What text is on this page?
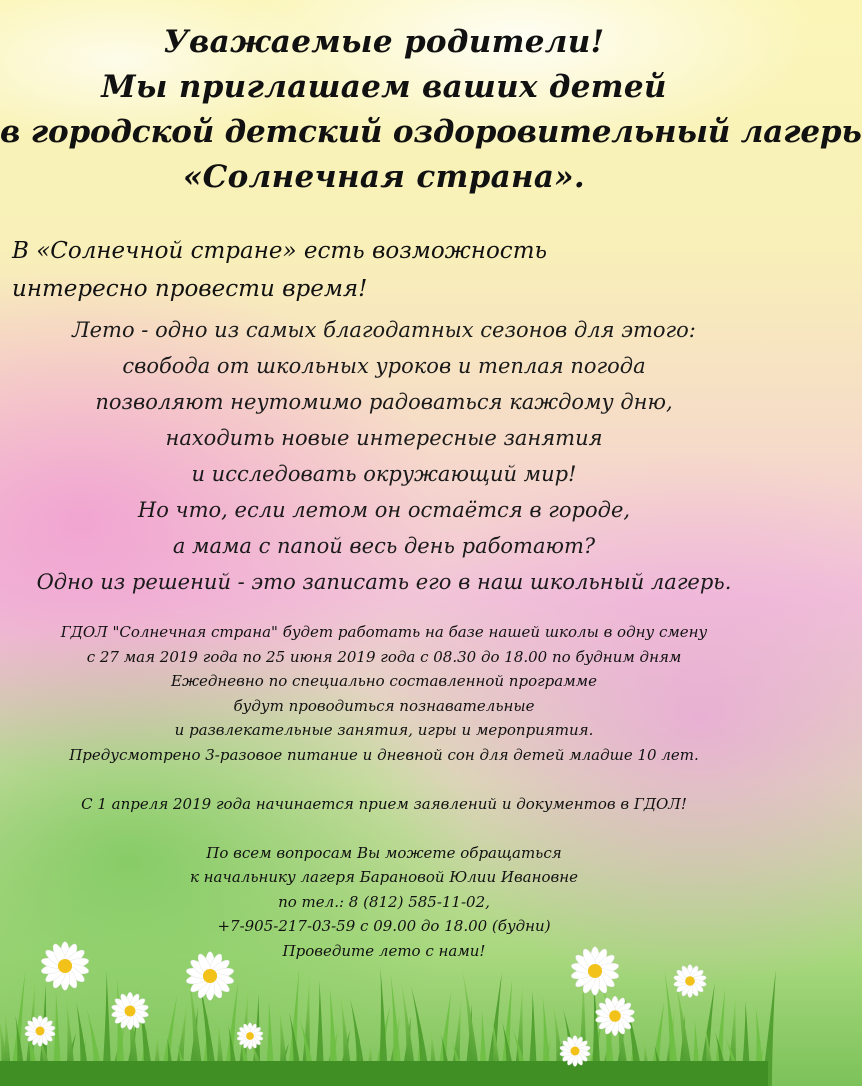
Уважаемые родители!
Мы приглашаем ваших детей
в городской детский оздоровительный лагерь
«Солнечная страна».
В «Солнечной стране» есть возможность
интересно провести время!
Лето - одно из самых благодатных сезонов для этого:
свобода от школьных уроков и теплая погода
позволяют неутомимо радоваться каждому дню,
находить новые интересные занятия
и исследовать окружающий мир!
Но что, если летом он остаётся в городе,
а мама с папой весь день работают?
Одно из решений - это записать его в наш школьный лагерь.
ГДОЛ "Солнечная страна" будет работать на базе нашей школы в одну смену
с 27 мая 2019 года по 25 июня 2019 года с 08.30 до 18.00 по будним дням
Ежедневно по специально составленной программе
будут проводиться познавательные
и развлекательные занятия, игры и мероприятия.
Предусмотрено 3-разовое питание и дневной сон для детей младше 10 лет.
С 1 апреля 2019 года начинается прием заявлений и документов в ГДОЛ!
По всем вопросам Вы можете обращаться
к начальнику лагеря Барановой Юлии Ивановне
по тел.: 8 (812) 585-11-02,
+7-905-217-03-59 с 09.00 до 18.00 (будни)
Проведите лето с нами!
